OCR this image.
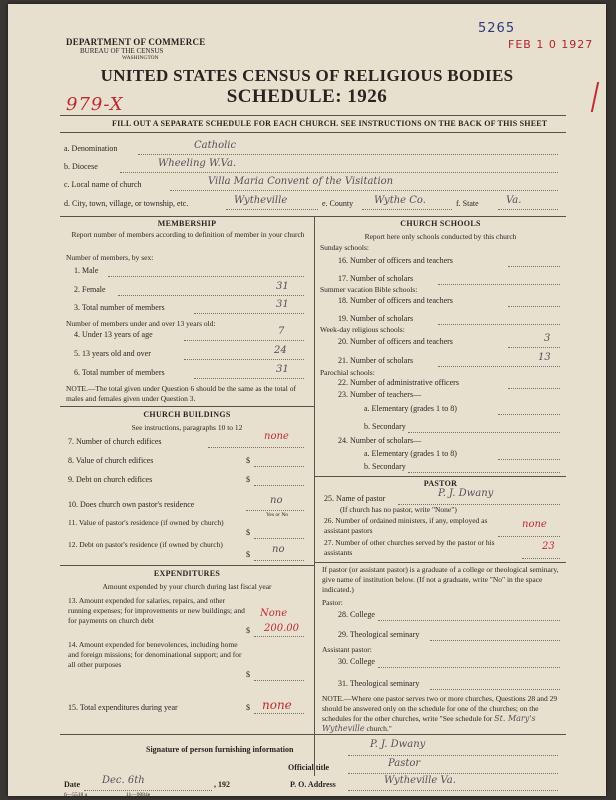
DEPARTMENT OF COMMERCE
BUREAU OF THE CENSUS
WASHINGTON
5265
FEB 1 0 1927
UNITED STATES CENSUS OF RELIGIOUS BODIES
SCHEDULE: 1926
979-X
FILL OUT A SEPARATE SCHEDULE FOR EACH CHURCH. SEE INSTRUCTIONS ON THE BACK OF THIS SHEET
a. Denomination	Catholic
b. Diocese	Wheeling W.Va.
c. Local name of church	Villa Maria Convent of the Visitation
d. City, town, village, or township, etc.	Wytheville	e. County Wythe Co.	f. State	Va.
MEMBERSHIP
Report number of members according to definition of member in your church
Number of members, by sex:
1. Male
2. Female	31
3. Total number of members	31
Number of members under and over 13 years old:
4. Under 13 years of age	7
5. 13 years old and over	24
6. Total number of members	31
NOTE.—The total given under Question 6 should be the same as the total of males and females given under Question 3.
CHURCH BUILDINGS
See instructions, paragraphs 10 to 12
7. Number of church edifices	none
8. Value of church edifices	$
9. Debt on church edifices	$
10. Does church own pastor's residence	no
Yes or No
11. Value of pastor's residence (if owned by church)
$
12. Debt on pastor's residence (if owned by church)
$ no
EXPENDITURES
Amount expended by your church during last fiscal year
13. Amount expended for salaries, repairs, and other running expenses; for improvements or new buildings; and for payments on church debt
$
None
200.00
14. Amount expended for benevolences, including home and foreign missions; for denominational support; and for all other purposes
$
15. Total expenditures during year	$ none
CHURCH SCHOOLS
Report here only schools conducted by this church
Sunday schools:
16. Number of officers and teachers
17. Number of scholars
Summer vacation Bible schools:
18. Number of officers and teachers
19. Number of scholars
Week-day religious schools:
20. Number of officers and teachers	3
21. Number of scholars	13
Parochial schools:
22. Number of administrative officers
23. Number of teachers—
a. Elementary (grades 1 to 8)
b. Secondary
24. Number of scholars—
a. Elementary (grades 1 to 8)
b. Secondary
PASTOR
25. Name of pastor	P. J. Dwany
(If church has no pastor, write "None")
26. Number of ordained ministers, if any, employed as assistant pastors
none
27. Number of other churches served by the pastor or his assistants
23
If pastor (or assistant pastor) is a graduate of a college or theological seminary, give name of institution below. (If not a graduate, write "No" in the space indicated.)
Pastor:
28. College
29. Theological seminary
Assistant pastor:
30. College
31. Theological seminary
NOTE.—Where one pastor serves two or more churches, Questions 28 and 29 should be answered only on the schedule for one of the churches; on the schedules for the other churches, write "See schedule for St. Mary's Wytheville church."
Signature of person furnishing information	P. J. Dwany
Official title	Pastor
Date Dec. 6th	, 192	P. O. Address	Wytheville Va.
6—5518 a	11—9084e
